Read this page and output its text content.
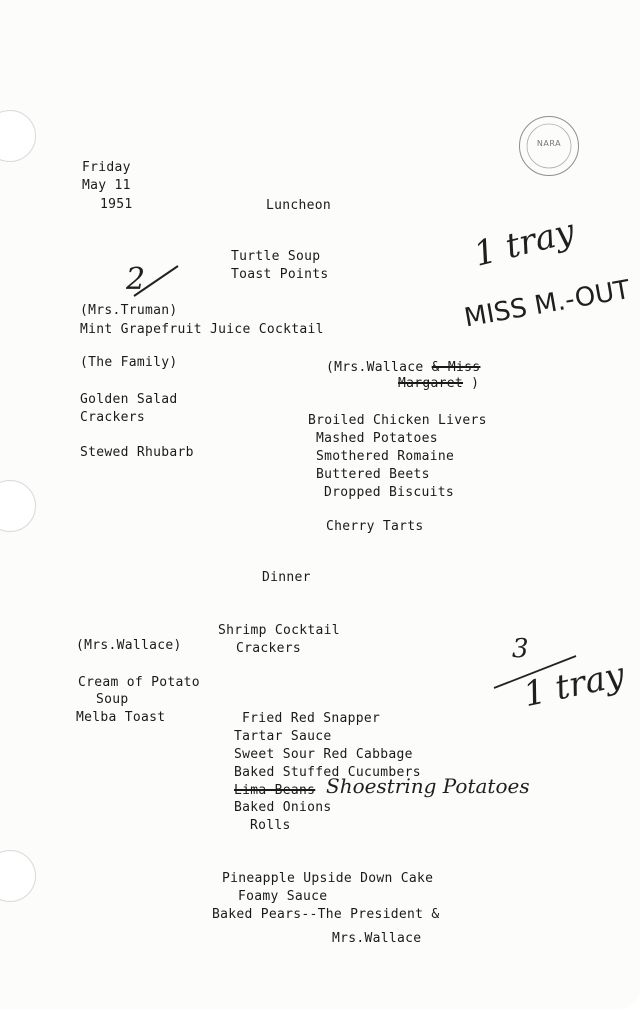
NARA
Friday
May 11
1951	Luncheon
Turtle Soup
Toast Points
2
(Mrs.Truman)
Mint Grapefruit Juice Cocktail
(The Family)
Golden Salad
Crackers
Stewed Rhubarb
(Mrs.Wallace & Miss
Margaret )
Broiled Chicken Livers
Mashed Potatoes
Smothered Romaine
Buttered Beets
Dropped Biscuits
Cherry Tarts
1 tray
MISS M.-OUT
Dinner
Shrimp Cocktail
Crackers
(Mrs.Wallace)
Cream of Potato
Soup
Melba Toast	Fried Red Snapper
Tartar Sauce
Sweet Sour Red Cabbage
Baked Stuffed Cucumbers
Lima Beans Shoestring Potatoes
Baked Onions
Rolls
3
1 tray
Pineapple Upside Down Cake
Foamy Sauce
Baked Pears--The President &
Mrs.Wallace
